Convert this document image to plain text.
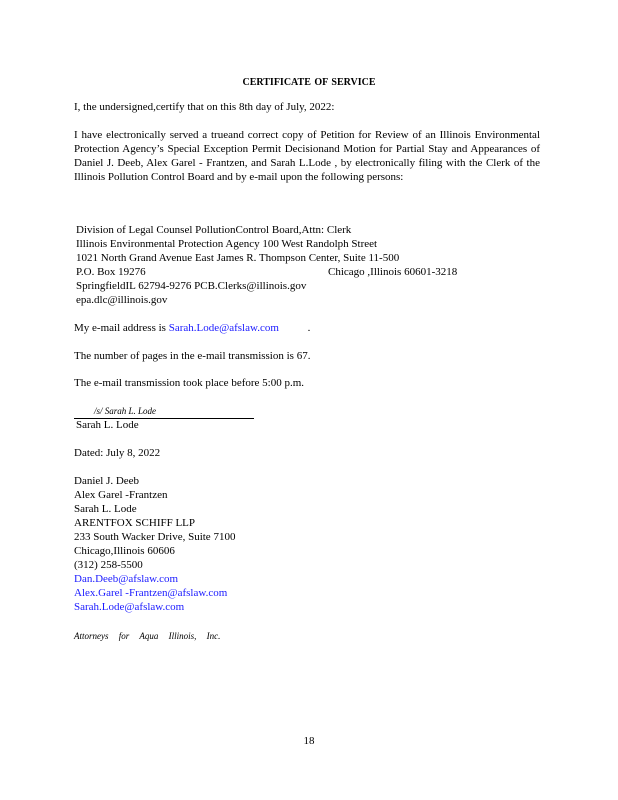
CERTIFICATE OF SERVICE
I, the undersigned,certify that on this 8th day of July, 2022:
I have electronically served a trueand correct copy of Petition for Review of an Illinois Environmental Protection Agency’s Special Exception Permit Decisionand Motion for Partial Stay and Appearances of Daniel J. Deeb, Alex Garel - Frantzen, and Sarah L.Lode , by electronically filing with the Clerk of the Illinois Pollution Control Board and by e-mail upon the following persons:
Division of Legal Counsel PollutionControl Board,Attn: Clerk
Illinois Environmental Protection Agency 100 West Randolph Street
1021 North Grand Avenue East James R. Thompson Center, Suite 11-500
P.O. Box 19276	Chicago ,Illinois 60601-3218
SpringfieldIL 62794-9276 PCB.Clerks@illinois.gov
epa.dlc@illinois.gov
My e-mail address is Sarah.Lode@afslaw.com	.
The number of pages in the e-mail transmission is 67.
The e-mail transmission took place before 5:00 p.m.
/s/ Sarah L. Lode
Sarah L. Lode
Dated: July 8, 2022
Daniel J. Deeb
Alex Garel -Frantzen
Sarah L. Lode
ARENTFOX SCHIFF LLP
233 South Wacker Drive, Suite 7100
Chicago,Illinois 60606
(312) 258-5500
Dan.Deeb@afslaw.com
Alex.Garel -Frantzen@afslaw.com
Sarah.Lode@afslaw.com
Attorneys for Aqua Illinois, Inc.
18
